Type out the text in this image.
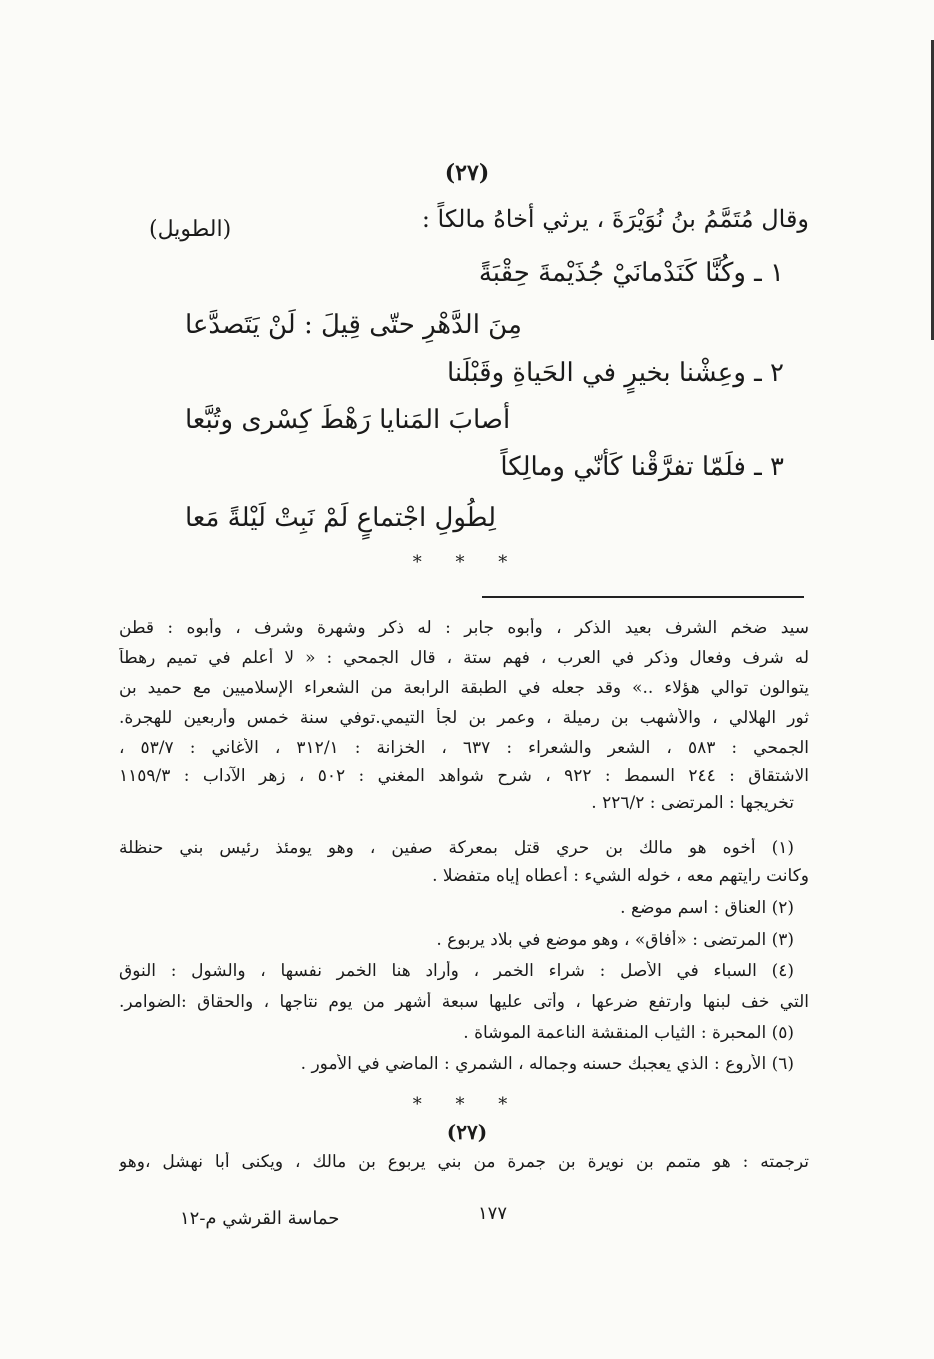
(٢٧)
وقال مُتَمَّمُ بنُ نُوَيْرَةَ ، يرثي أخاهُ مالكاً :
(الطويل)
١ ـ وكُنَّا كَنَدْمانَيْ جُذَيْمةَ حِقْبَةً
مِنَ الدَّهْرِ حتّى قِيلَ : لَنْ يَتَصدَّعا
٢ ـ وعِشْنا بخيرٍ في الحَياةِ وقَبْلَنا
أصابَ المَنايا رَهْطَ كِسْرى وتُبَّعا
٣ ـ فلَمّا تفرَّقْنا كَأنّي ومالِكاً
لِطُولِ اجْتماعٍ لَمْ نَبِتْ لَيْلةً مَعا
* * *
سيد ضخم الشرف بعيد الذكر ، وأبوه جابر : له ذكر وشهرة وشرف ، وأبوه : قطن
له شرف وفعال وذكر في العرب ، فهم ستة ، قال الجمحي : « لا أعلم في تميم رهطاً
يتوالون توالي هؤلاء ..» وقد جعله في الطبقة الرابعة من الشعراء الإسلاميين مع حميد بن
ثور الهلالي ، والأشهب بن رميلة ، وعمر بن لجأ التيمي.توفي سنة خمس وأربعين للهجرة.
الجمحي : ٥٨٣ ، الشعر والشعراء : ٦٣٧ ، الخزانة : ٣١٢/١ ، الأغاني : ٥٣/٧ ،
الاشتقاق : ٢٤٤ السمط : ٩٢٢ ، شرح شواهد المغني : ٥٠٢ ، زهر الآداب : ١١٥٩/٣
تخريجها : المرتضى : ٢٢٦/٢ .
(١) أخوه هو مالك بن حري قتل بمعركة صفين ، وهو يومئذ رئيس بني حنظلة
وكانت رايتهم معه ، خوله الشيء : أعطاه إياه متفضلا .
(٢) العناق : اسم موضع .
(٣) المرتضى : «أفاق» ، وهو موضع في بلاد يربوع .
(٤) السباء في الأصل : شراء الخمر ، وأراد هنا الخمر نفسها ، والشول : النوق
التي خف لبنها وارتفع ضرعها ، وأتى عليها سبعة أشهر من يوم نتاجها ، والحقاق :الضوامر.
(٥) المحبرة : الثياب المنقشة الناعمة الموشاة .
(٦) الأروع : الذي يعجبك حسنه وجماله ، الشمري : الماضي في الأمور .
* * *
(٢٧)
ترجمته : هو متمم بن نويرة بن جمرة من بني يربوع بن مالك ، ويكنى أبا نهشل ،وهو
حماسة القرشي م-١٢	١٧٧
